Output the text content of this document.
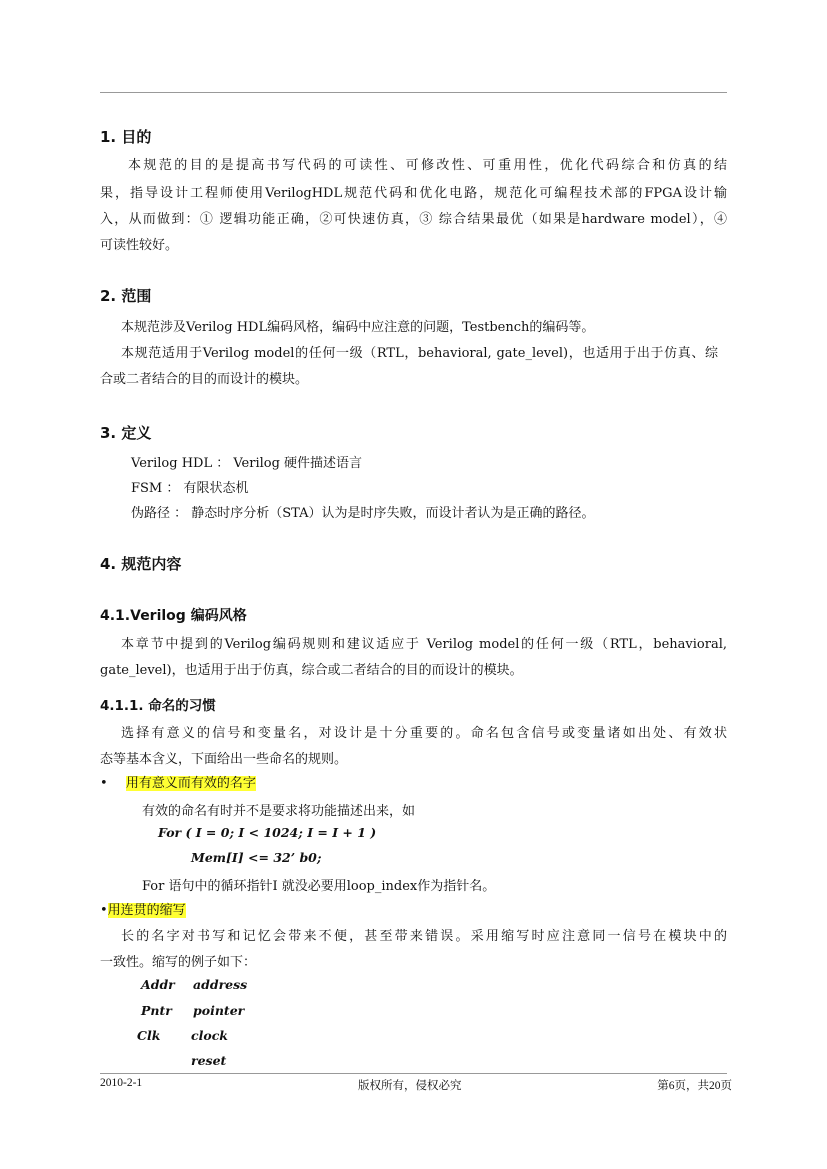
1. 目的
本规范的目的是提高书写代码的可读性、可修改性、可重用性，优化代码综合和仿真的结
果，指导设计工程师使用VerilogHDL规范代码和优化电路，规范化可编程技术部的FPGA设计输
入，从而做到：① 逻辑功能正确，②可快速仿真，③ 综合结果最优（如果是hardware model），④
可读性较好。
2. 范围
本规范涉及Verilog HDL编码风格，编码中应注意的问题，Testbench的编码等。
本规范适用于Verilog model的任何一级（RTL，behavioral, gate_level)，也适用于出于仿真、综
合或二者结合的目的而设计的模块。
3. 定义
Verilog HDL ： Verilog 硬件描述语言
FSM ： 有限状态机
伪路径 ： 静态时序分析（STA）认为是时序失败，而设计者认为是正确的路径。
4. 规范内容
4.1.Verilog 编码风格
本章节中提到的Verilog编码规则和建议适应于 Verilog model的任何一级（RTL，behavioral,
gate_level)，也适用于出于仿真，综合或二者结合的目的而设计的模块。
4.1.1. 命名的习惯
选择有意义的信号和变量名，对设计是十分重要的。命名包含信号或变量诸如出处、有效状
态等基本含义，下面给出一些命名的规则。
• 用有意义而有效的名字
有效的命名有时并不是要求将功能描述出来，如
For ( I = 0; I < 1024; I = I + 1 )
Mem[I] <= 32’ b0;
For 语句中的循环指针I 就没必要用loop_index作为指针名。
•用连贯的缩写
长的名字对书写和记忆会带来不便，甚至带来错误。采用缩写时应注意同一信号在模块中的
一致性。缩写的例子如下：
Addr address
Pntr pointer
Clk clock
reset
2010-2-1	版权所有，侵权必究	第6页，共20页
